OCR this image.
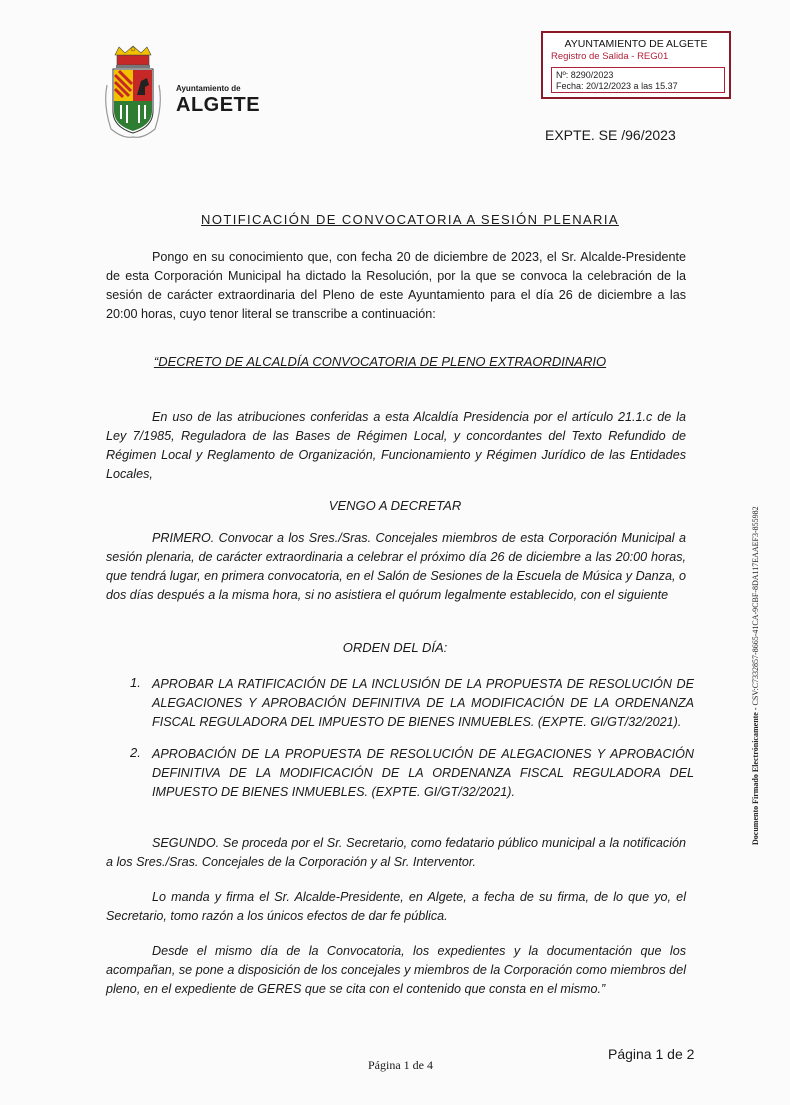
Ayuntamiento de
ALGETE
AYUNTAMIENTO DE ALGETE
Registro de Salida - REG01
Nº: 8290/2023
Fecha: 20/12/2023 a las 15.37
EXPTE. SE /96/2023
NOTIFICACIÓN DE CONVOCATORIA A SESIÓN PLENARIA

Pongo en su conocimiento que, con fecha 20 de diciembre de 2023, el Sr. Alcalde-Presidente de esta Corporación Municipal ha dictado la Resolución, por la que se convoca la celebración de la sesión de carácter extraordinaria del Pleno de este Ayuntamiento para el día 26 de diciembre a las 20:00 horas, cuyo tenor literal se transcribe a continuación:

“DECRETO DE ALCALDÍA CONVOCATORIA DE PLENO EXTRAORDINARIO

En uso de las atribuciones conferidas a esta Alcaldía Presidencia por el artículo 21.1.c de la Ley 7/1985, Reguladora de las Bases de Régimen Local, y concordantes del Texto Refundido de Régimen Local y Reglamento de Organización, Funcionamiento y Régimen Jurídico de las Entidades Locales,

VENGO A DECRETAR

PRIMERO. Convocar a los Sres./Sras. Concejales miembros de esta Corporación Municipal a sesión plenaria, de carácter extraordinaria a celebrar el próximo día 26 de diciembre a las 20:00 horas, que tendrá lugar, en primera convocatoria, en el Salón de Sesiones de la Escuela de Música y Danza, o dos días después a la misma hora, si no asistiera el quórum legalmente establecido, con el siguiente

ORDEN DEL DÍA:
1. APROBAR LA RATIFICACIÓN DE LA INCLUSIÓN DE LA PROPUESTA DE RESOLUCIÓN DE ALEGACIONES Y APROBACIÓN DEFINITIVA DE LA MODIFICACIÓN DE LA ORDENANZA FISCAL REGULADORA DEL IMPUESTO DE BIENES INMUEBLES. (EXPTE. GI/GT/32/2021).

2. APROBACIÓN DE LA PROPUESTA DE RESOLUCIÓN DE ALEGACIONES Y APROBACIÓN DEFINITIVA DE LA MODIFICACIÓN DE LA ORDENANZA FISCAL REGULADORA DEL IMPUESTO DE BIENES INMUEBLES. (EXPTE. GI/GT/32/2021).

SEGUNDO. Se proceda por el Sr. Secretario, como fedatario público municipal a la notificación a los Sres./Sras. Concejales de la Corporación y al Sr. Interventor.

Lo manda y firma el Sr. Alcalde-Presidente, en Algete, a fecha de su firma, de lo que yo, el Secretario, tomo razón a los únicos efectos de dar fe pública.

Desde el mismo día de la Convocatoria, los expedientes y la documentación que los acompañan, se pone a disposición de los concejales y miembros de la Corporación como miembros del pleno, en el expediente de GERES que se cita con el contenido que consta en el mismo.”

Documento Firmado Electrónicamente - CSV:C7332857-8665-41CA-9CBF-8DA117EAAEF3-855982
Página 1 de 4
Página 1 de 2
